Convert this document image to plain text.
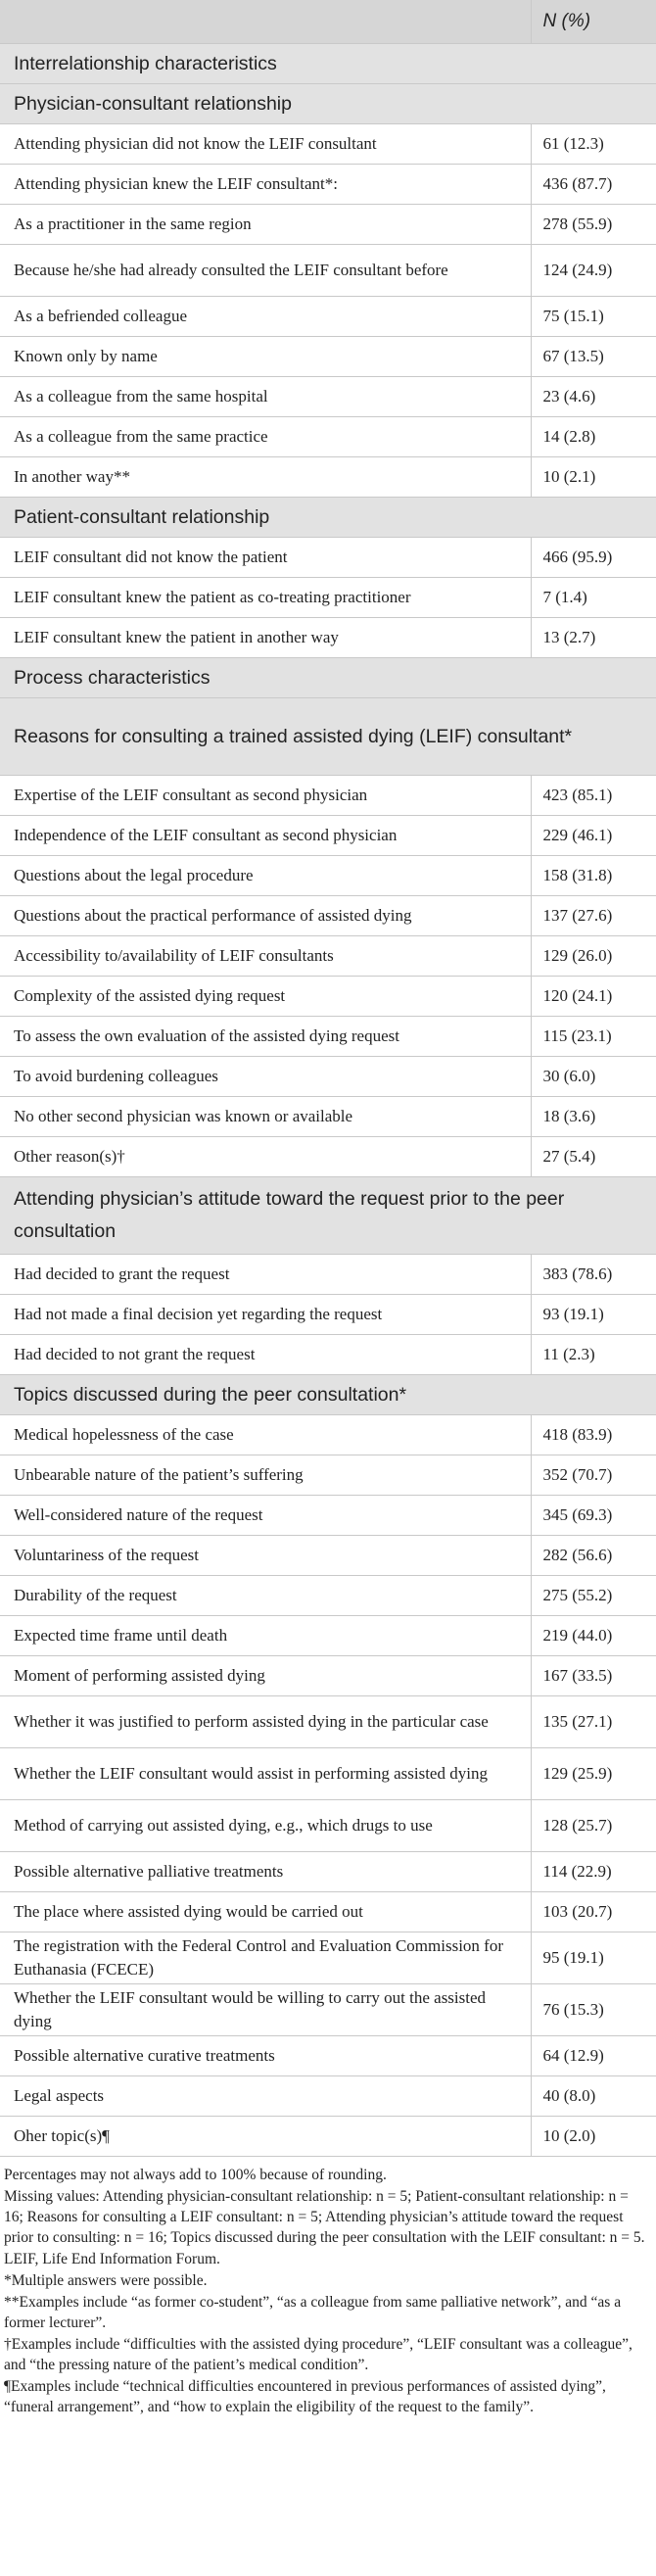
	N (%)
Interrelationship characteristics	
Physician-consultant relationship	
Attending physician did not know the LEIF consultant	61 (12.3)
Attending physician knew the LEIF consultant*:	436 (87.7)
As a practitioner in the same region	278 (55.9)
Because he/she had already consulted the LEIF consultant before	124 (24.9)
As a befriended colleague	75 (15.1)
Known only by name	67 (13.5)
As a colleague from the same hospital	23 (4.6)
As a colleague from the same practice	14 (2.8)
In another way**	10 (2.1)
Patient-consultant relationship	
LEIF consultant did not know the patient	466 (95.9)
LEIF consultant knew the patient as co-treating practitioner	7 (1.4)
LEIF consultant knew the patient in another way	13 (2.7)
Process characteristics	
Reasons for consulting a trained assisted dying (LEIF) consultant*	
Expertise of the LEIF consultant as second physician	423 (85.1)
Independence of the LEIF consultant as second physician	229 (46.1)
Questions about the legal procedure	158 (31.8)
Questions about the practical performance of assisted dying	137 (27.6)
Accessibility to/availability of LEIF consultants	129 (26.0)
Complexity of the assisted dying request	120 (24.1)
To assess the own evaluation of the assisted dying request	115 (23.1)
To avoid burdening colleagues	30 (6.0)
No other second physician was known or available	18 (3.6)
Other reason(s)†	27 (5.4)
Attending physician’s attitude toward the request prior to the peer consultation	
Had decided to grant the request	383 (78.6)
Had not made a final decision yet regarding the request	93 (19.1)
Had decided to not grant the request	11 (2.3)
Topics discussed during the peer consultation*	
Medical hopelessness of the case	418 (83.9)
Unbearable nature of the patient’s suffering	352 (70.7)
Well-considered nature of the request	345 (69.3)
Voluntariness of the request	282 (56.6)
Durability of the request	275 (55.2)
Expected time frame until death	219 (44.0)
Moment of performing assisted dying	167 (33.5)
Whether it was justified to perform assisted dying in the particular case	135 (27.1)
Whether the LEIF consultant would assist in performing assisted dying	129 (25.9)
Method of carrying out assisted dying, e.g., which drugs to use	128 (25.7)
Possible alternative palliative treatments	114 (22.9)
The place where assisted dying would be carried out	103 (20.7)
The registration with the Federal Control and Evaluation Commission for Euthanasia (FCECE)	95 (19.1)
Whether the LEIF consultant would be willing to carry out the assisted dying	76 (15.3)
Possible alternative curative treatments	64 (12.9)
Legal aspects	40 (8.0)
Oher topic(s)¶	10 (2.0)

Percentages may not always add to 100% because of rounding.

Missing values: Attending physician-consultant relationship: n = 5; Patient-consultant relationship: n = 16; Reasons for consulting a LEIF consultant: n = 5; Attending physician’s attitude toward the request prior to consulting: n = 16; Topics discussed during the peer consultation with the LEIF consultant: n = 5.

LEIF, Life End Information Forum.

*Multiple answers were possible.

**Examples include “as former co-student”, “as a colleague from same palliative network”, and “as a former lecturer”.

†Examples include “difficulties with the assisted dying procedure”, “LEIF consultant was a colleague”, and “the pressing nature of the patient’s medical condition”.

¶Examples include “technical difficulties encountered in previous performances of assisted dying”, “funeral arrangement”, and “how to explain the eligibility of the request to the family”.
